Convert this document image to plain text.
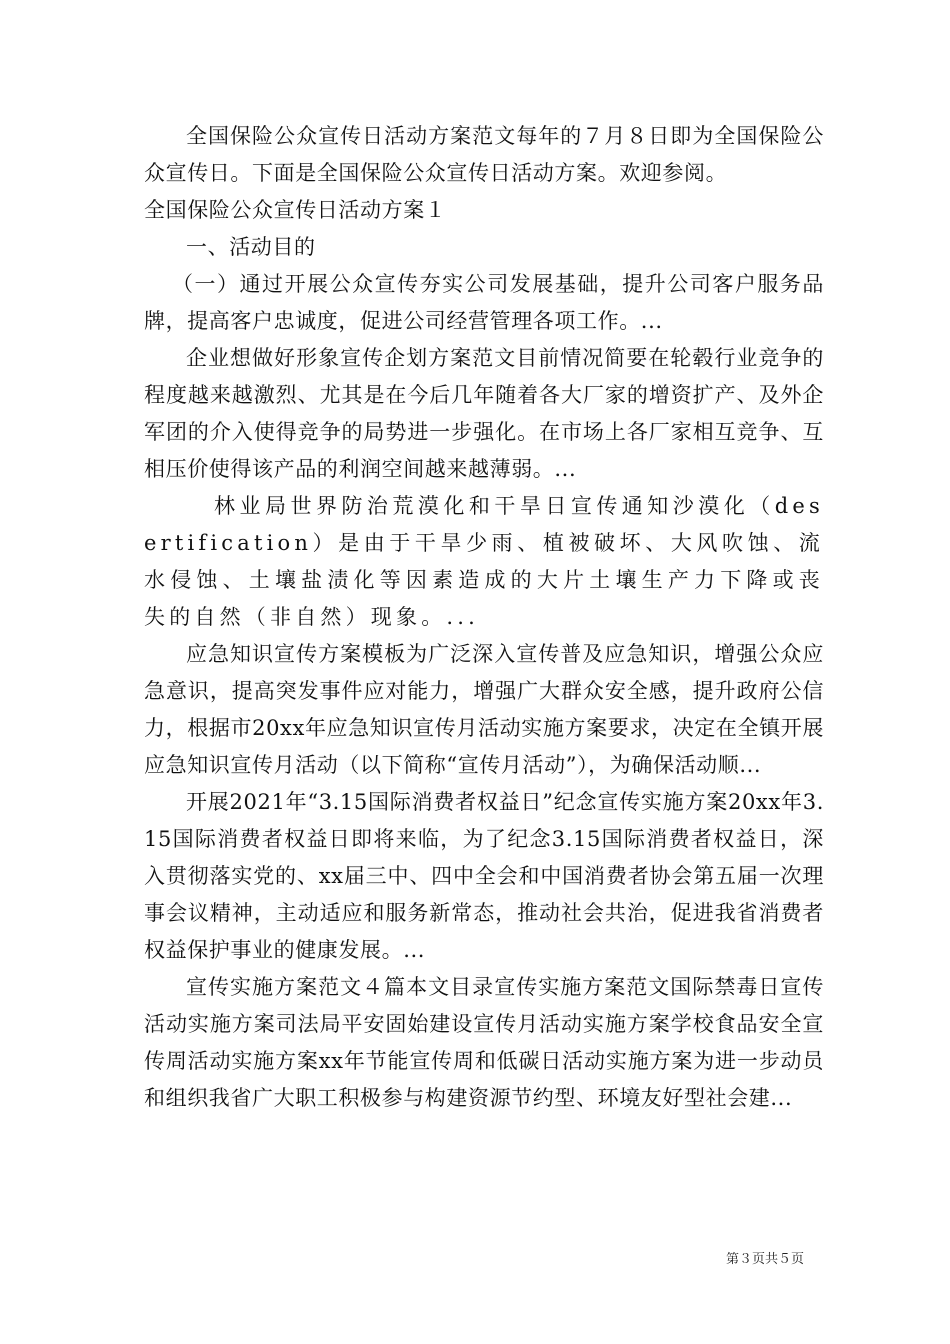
全国保险公众宣传日活动方案范文每年的７月８日即为全国保险公众宣传日。下面是全国保险公众宣传日活动方案。欢迎参阅。

全国保险公众宣传日活动方案１

一、活动目的

（一）通过开展公众宣传夯实公司发展基础，提升公司客户服务品牌，提高客户忠诚度，促进公司经营管理各项工作。...

企业想做好形象宣传企划方案范文目前情况简要在轮毂行业竞争的程度越来越激烈、尤其是在今后几年随着各大厂家的增资扩产、及外企军团的介入使得竞争的局势进一步强化。在市场上各厂家相互竞争、互相压价使得该产品的利润空间越来越薄弱。...

林业局世界防治荒漠化和干旱日宣传通知沙漠化（desertification）是由于干旱少雨、植被破坏、大风吹蚀、流水侵蚀、土壤盐渍化等因素造成的大片土壤生产力下降或丧失的自然（非自然）现象。...

应急知识宣传方案模板为广泛深入宣传普及应急知识，增强公众应急意识，提高突发事件应对能力，增强广大群众安全感，提升政府公信力，根据市20xx年应急知识宣传月活动实施方案要求，决定在全镇开展应急知识宣传月活动（以下简称“宣传月活动”），为确保活动顺...

开展2021年“3.15国际消费者权益日”纪念宣传实施方案20xx年3.15国际消费者权益日即将来临，为了纪念3.15国际消费者权益日，深入贯彻落实党的、xx届三中、四中全会和中国消费者协会第五届一次理事会议精神，主动适应和服务新常态，推动社会共治，促进我省消费者权益保护事业的健康发展。...

宣传实施方案范文４篇本文目录宣传实施方案范文国际禁毒日宣传活动实施方案司法局平安固始建设宣传月活动实施方案学校食品安全宣传周活动实施方案xx年节能宣传周和低碳日活动实施方案为进一步动员和组织我省广大职工积极参与构建资源节约型、环境友好型社会建...

第３页共５页
